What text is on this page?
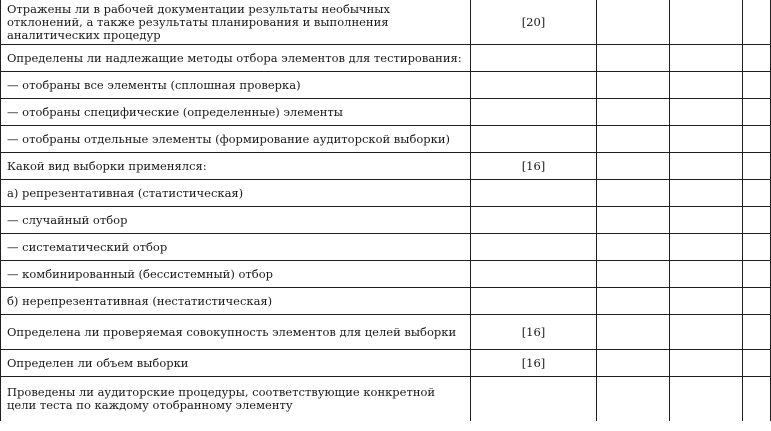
Отражены ли в рабочей документации результаты необычных отклонений, а также результаты планирования и выполнения аналитических процедур	[20]			
Определены ли надлежащие методы отбора элементов для тестирования:				
— отобраны все элементы (сплошная проверка)				
— отобраны специфические (определенные) элементы				
— отобраны отдельные элементы (формирование аудиторской выборки)				
Какой вид выборки применялся:	[16]			
а) репрезентативная (статистическая)				
— случайный отбор				
— систематический отбор				
— комбинированный (бессистемный) отбор				
б) нерепрезентативная (нестатистическая)				
Определена ли проверяемая совокупность элементов для целей выборки	[16]			
Определен ли объем выборки	[16]			
Проведены ли аудиторские процедуры, соответствующие конкретной цели теста по каждому отобранному элементу				
